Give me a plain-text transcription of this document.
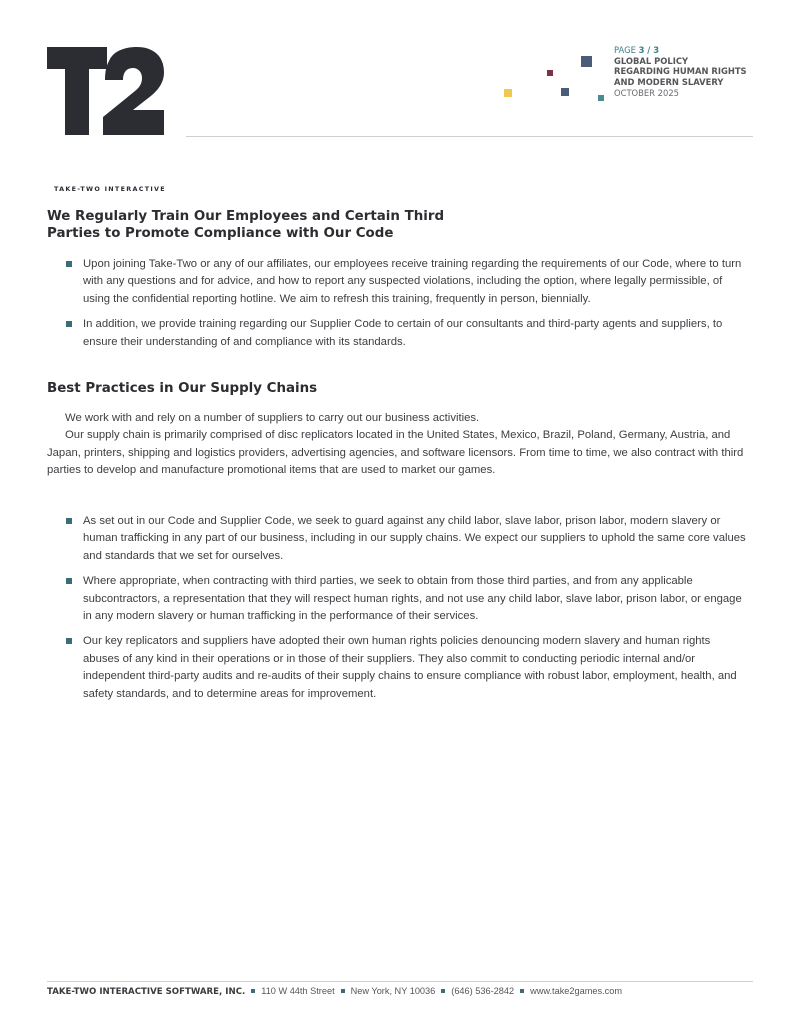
TAKE-TWO INTERACTIVE
PAGE 3 / 3
GLOBAL POLICY
REGARDING HUMAN RIGHTS
AND MODERN SLAVERY
OCTOBER 2025
We Regularly Train Our Employees and Certain Third
Parties to Promote Compliance with Our Code
Upon joining Take-Two or any of our affiliates, our employees receive training regarding the requirements of our Code, where to turn with any questions and for advice, and how to report any suspected violations, including the option, where legally permissible, of using the confidential reporting hotline. We aim to refresh this training, frequently in person, biennially.
In addition, we provide training regarding our Supplier Code to certain of our consultants and third-party agents and suppliers, to ensure their understanding of and compliance with its standards.
Best Practices in Our Supply Chains

We work with and rely on a number of suppliers to carry out our business activities.

Our supply chain is primarily comprised of disc replicators located in the United States, Mexico, Brazil, Poland, Germany, Austria, and Japan, printers, shipping and logistics providers, advertising agencies, and software licensors. From time to time, we also contract with third parties to develop and manufacture promotional items that are used to market our games.

As set out in our Code and Supplier Code, we seek to guard against any child labor, slave labor, prison labor, modern slavery or human trafficking in any part of our business, including in our supply chains. We expect our suppliers to uphold the same core values and standards that we set for ourselves.
Where appropriate, when contracting with third parties, we seek to obtain from those third parties, and from any applicable subcontractors, a representation that they will respect human rights, and not use any child labor, slave labor, prison labor, or engage in any modern slavery or human trafficking in the performance of their services.
Our key replicators and suppliers have adopted their own human rights policies denouncing modern slavery and human rights abuses of any kind in their operations or in those of their suppliers. They also commit to conducting periodic internal and/or independent third-party audits and re-audits of their supply chains to ensure compliance with robust labor, employment, health, and safety standards, and to determine areas for improvement.
TAKE-TWO INTERACTIVE SOFTWARE, INC. 110 W 44th Street New York, NY 10036 (646) 536-2842 www.take2games.com
